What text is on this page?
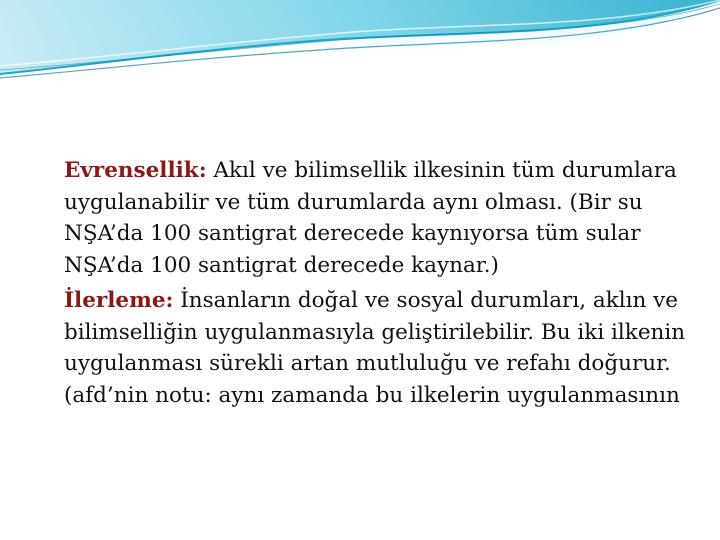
Evrensellik: Akıl ve bilimsellik ilkesinin tüm durumlara uygulanabilir ve tüm durumlarda aynı olması. (Bir su NŞA’da 100 santigrat derecede kaynıyorsa tüm sular NŞA’da 100 santigrat derecede kaynar.)

İlerleme: İnsanların doğal ve sosyal durumları, aklın ve bilimselliğin uygulanmasıyla geliştirilebilir. Bu iki ilkenin uygulanması sürekli artan mutluluğu ve refahı doğurur. (afd’nin notu: aynı zamanda bu ilkelerin uygulanmasının
